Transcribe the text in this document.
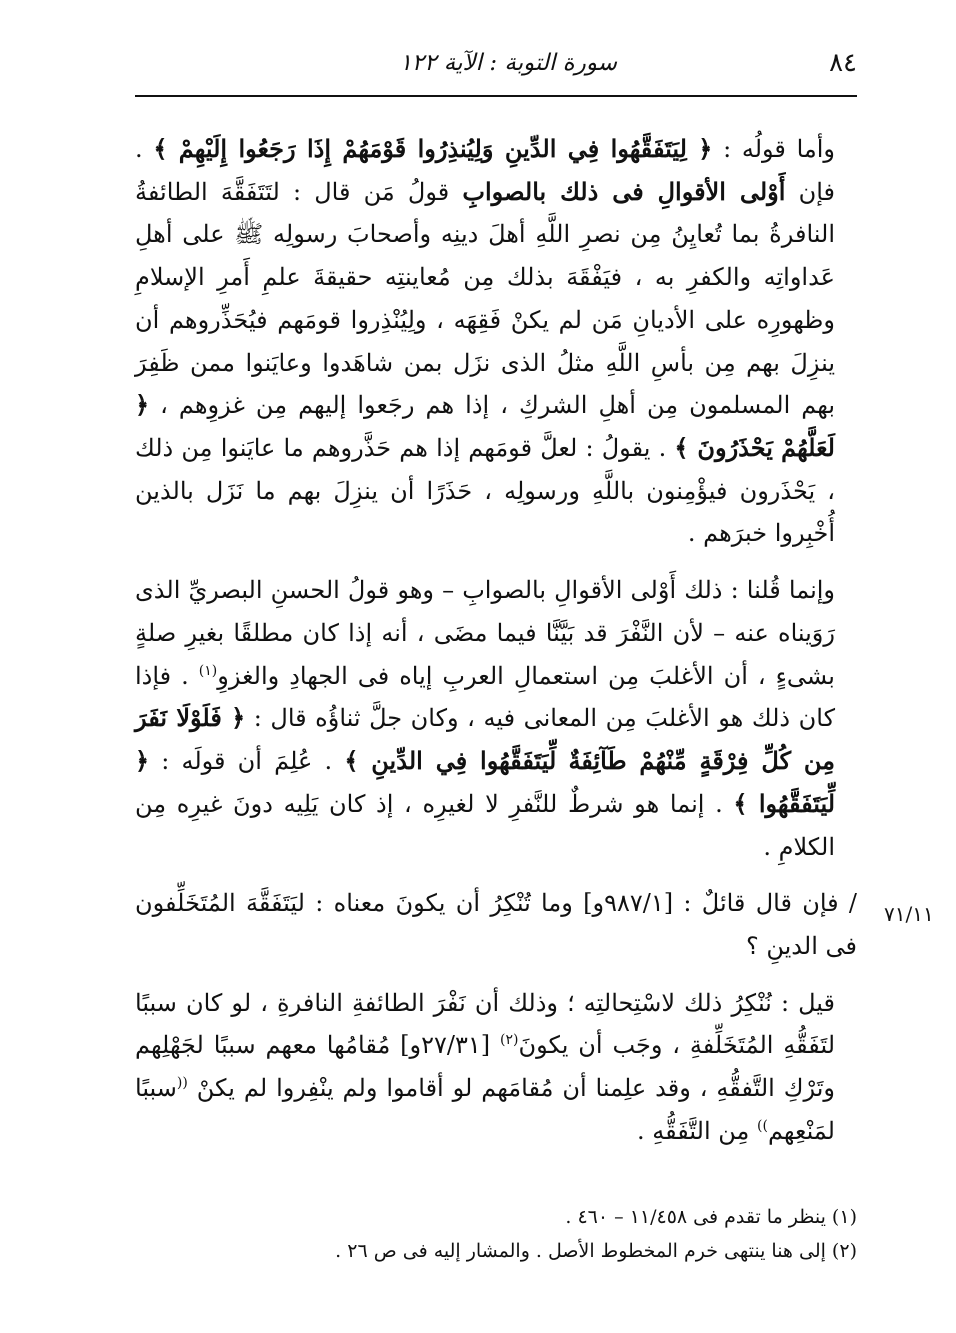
٨٤
سورة التوبة : الآية ١٢٢
٧١/١١

وأما قولُه : ﴿ لِيَتَفَقَّهُوا فِي الدِّينِ وَلِيُنذِرُوا قَوْمَهُمْ إِذَا رَجَعُوا إِلَيْهِمْ ﴾ . فإن أَوْلى الأقوالِ فى ذلك بالصوابِ قولُ مَن قال : لتَتَفَقَّهَ الطائفةُ النافرةُ بما تُعايِنُ مِن نصرِ اللَّهِ أهلَ دينِه وأصحابَ رسولِه ﷺ على أهلِ عَداواتِه والكفرِ به ، فيَفْقَهَ بذلك مِن مُعاينتِه حقيقةَ علمِ أَمرِ الإسلامِ وظهورِه على الأديانِ مَن لم يكنْ فَقِهَه ، ولِيُنْذِروا قومَهم فيُحَذِّروهم أن ينزِلَ بهم مِن بأسِ اللَّهِ مثلُ الذى نزَل بمن شاهَدوا وعايَنوا ممن ظَفِرَ بهم المسلمون مِن أهلِ الشركِ ، إذا هم رجَعوا إليهم مِن غزوِهم ، ﴿ لَعَلَّهُمْ يَحْذَرُونَ ﴾ . يقولُ : لعلَّ قومَهم إذا هم حَذَّروهم ما عايَنوا مِن ذلك ، يَحْذَرون فيؤْمِنون باللَّهِ ورسولِه ، حَذَرًا أن ينزِلَ بهم ما نَزَل بالذين أُخْبِروا خبرَهم .

وإنما قُلنا : ذلك أَوْلى الأقوالِ بالصوابِ – وهو قولُ الحسنِ البصريِّ الذى رَوَيناه عنه – لأن النَّفْرَ قد بَيَّنَّا فيما مضَى ، أنه إذا كان مطلقًا بغيرِ صلةٍ بشىءٍ ، أن الأغلبَ مِن استعمالِ العربِ إياه فى الجهادِ والغزوِ$^{(١)}$ . فإذا كان ذلك هو الأغلبَ مِن المعانى فيه ، وكان جلَّ ثناؤُه قال : ﴿ فَلَوْلَا نَفَرَ مِن كُلِّ فِرْقَةٍ مِّنْهُمْ طَآئِفَةٌ لِّيَتَفَقَّهُوا فِي الدِّينِ ﴾ . عُلِمَ أن قولَه : ﴿ لِّيَتَفَقَّهُوا ﴾ . إنما هو شرطٌ للنَّفرِ لا لغيرِه ، إذ كان يَلِيه دونَ غيرِه مِن الكلامِ .

/ فإن قال قائلٌ : [٩٨٧/١و] وما تُنْكِرُ أن يكونَ معناه : ليَتَفَقَّهَ المُتَخَلِّفون فى الدينِ ؟

قيل : نُنْكِرُ ذلك لاسْتِحالتِه ؛ وذلك أن نَفْرَ الطائفةِ النافرةِ ، لو كان سببًا لتَفَقُّهِ المُتَخَلِّفةِ ، وجَب أن يكونَ$^{(٢)}$ [٢٧/٣١و] مُقامُها معهم سببًا لجَهْلِهم وتَرْكِ التَّفقُّهِ ، وقد علِمنا أن مُقامَهم لو أقاموا ولم ينْفِروا لم يكنْ ((سببًا لمَنْعِهم)) مِن التَّفَقُّهِ .

(١) ينظر ما تقدم فى ١١/٤٥٨ – ٤٦٠ .

(٢) إلى هنا ينتهى خرم المخطوط الأصل . والمشار إليه فى ص ٢٦ .
